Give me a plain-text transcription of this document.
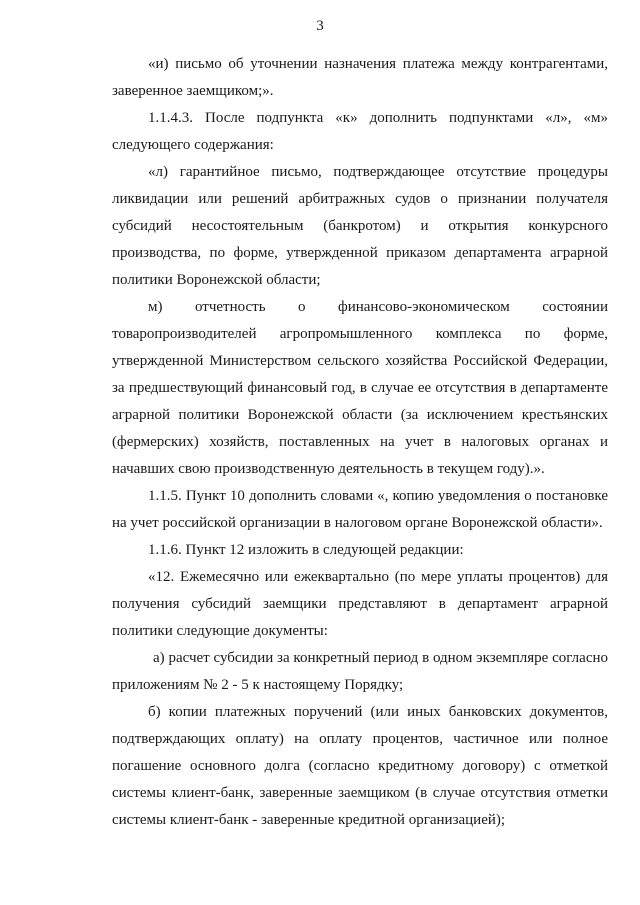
3

«и) письмо об уточнении назначения платежа между контрагентами, заверенное заемщиком;».

1.1.4.3. После подпункта «к» дополнить подпунктами «л», «м» следующего содержания:

«л) гарантийное письмо, подтверждающее отсутствие процедуры ликвидации или решений арбитражных судов о признании получателя субсидий несостоятельным (банкротом) и открытия конкурсного производства, по форме, утвержденной приказом департамента аграрной политики Воронежской области;

м) отчетность о финансово-экономическом состоянии товаропроизводителей агропромышленного комплекса по форме, утвержденной Министерством сельского хозяйства Российской Федерации, за предшествующий финансовый год, в случае ее отсутствия в департаменте аграрной политики Воронежской области (за исключением крестьянских (фермерских) хозяйств, поставленных на учет в налоговых органах и начавших свою производственную деятельность в текущем году).».

1.1.5. Пункт 10 дополнить словами «, копию уведомления о постановке на учет российской организации в налоговом органе Воронежской области».

1.1.6. Пункт 12 изложить в следующей редакции:

«12. Ежемесячно или ежеквартально (по мере уплаты процентов) для получения субсидий заемщики представляют в департамент аграрной политики следующие документы:

а) расчет субсидии за конкретный период в одном экземпляре согласно приложениям № 2 - 5 к настоящему Порядку;

б) копии платежных поручений (или иных банковских документов, подтверждающих оплату) на оплату процентов, частичное или полное погашение основного долга (согласно кредитному договору) с отметкой системы клиент-банк, заверенные заемщиком (в случае отсутствия отметки системы клиент-банк - заверенные кредитной организацией);
